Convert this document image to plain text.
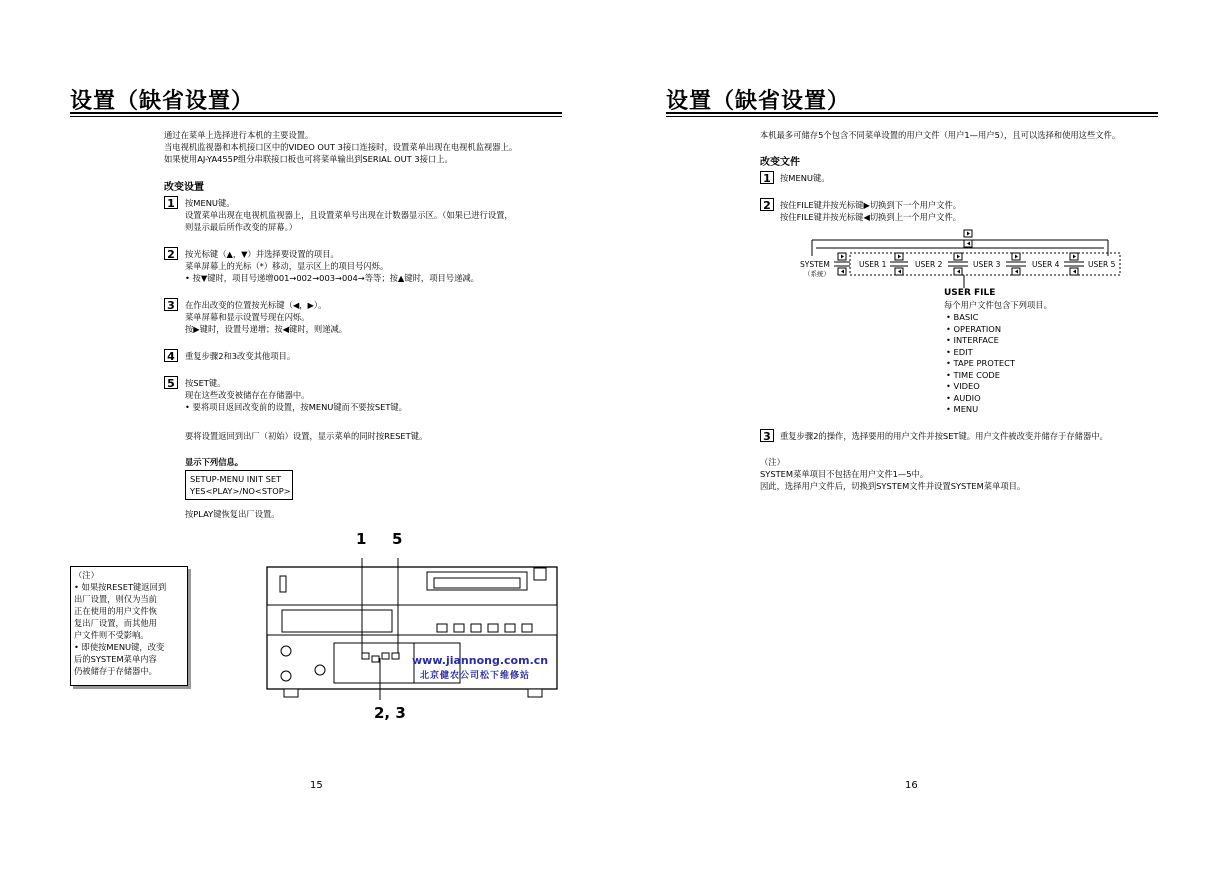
设置（缺省设置）
通过在菜单上选择进行本机的主要设置。
当电视机监视器和本机接口区中的VIDEO OUT 3接口连接时，设置菜单出现在电视机监视器上。
如果使用AJ-YA455P组分串联接口板也可将菜单输出到SERIAL OUT 3接口上。
改变设置
1	按MENU键。
设置菜单出现在电视机监视器上，且设置菜单号出现在计数器显示区。（如果已进行设置，
则显示最后所作改变的屏幕。）
2	按光标键（▲，▼）并选择要设置的项目。
菜单屏幕上的光标（*）移动，显示区上的项目号闪烁。
• 按▼键时，项目号递增001→002→003→004→等等；按▲键时，项目号递减。
3	在作出改变的位置按光标键（◀，▶）。
菜单屏幕和显示设置号现在闪烁。
按▶键时，设置号递增；按◀键时，则递减。
4	重复步骤2和3改变其他项目。
5	按SET键。
现在这些改变被储存在存储器中。
• 要将项目返回改变前的设置，按MENU键而不要按SET键。
要将设置返回到出厂（初始）设置，显示菜单的同时按RESET键。
显示下列信息。
SETUP-MENU INIT SET
YES<PLAY>/NO<STOP>
按PLAY键恢复出厂设置。
（注）
• 如果按RESET键返回到
出厂设置，则仅为当前
正在使用的用户文件恢
复出厂设置，而其他用
户文件则不受影响。
• 即使按MENU键，改变
后的SYSTEM菜单内容
仍被储存于存储器中。
1 5
2, 3
www.jiannong.com.cn
北京健农公司松下维修站
15
设置（缺省设置）
本机最多可储存5个包含不同菜单设置的用户文件（用户1—用户5），且可以选择和使用这些文件。
改变文件
1	按MENU键。
2	按住FILE键并按光标键▶切换到下一个用户文件。
按住FILE键并按光标键◀切换到上一个用户文件。
SYSTEM
（系统）
USER 1	USER 2	USER 3	USER 4	USER 5
USER FILE
每个用户文件包含下列项目。
• BASIC
• OPERATION
• INTERFACE
• EDIT
• TAPE PROTECT
• TIME CODE
• VIDEO
• AUDIO
• MENU
3	重复步骤2的操作，选择要用的用户文件并按SET键。用户文件被改变并储存于存储器中。
（注）
SYSTEM菜单项目不包括在用户文件1—5中。
因此，选择用户文件后，切换到SYSTEM文件并设置SYSTEM菜单项目。
16
